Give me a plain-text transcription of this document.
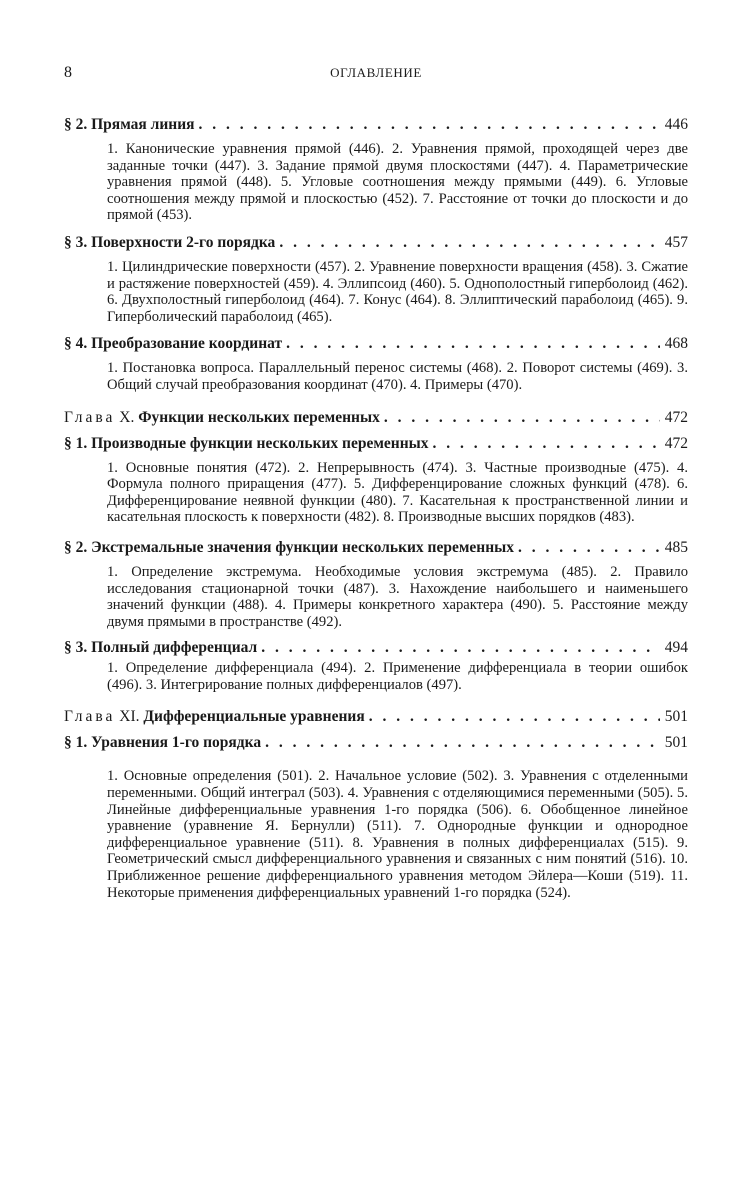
8	ОГЛАВЛЕНИЕ
§ 2. Прямая линия . . .	446
1. Канонические уравнения прямой (446). 2. Уравнения прямой, проходящей через две заданные точки (447). 3. Задание прямой двумя плоскостями (447). 4. Параметрические уравнения прямой (448). 5. Угловые соотношения между прямыми (449). 6. Угловые соотношения между прямой и плоскостью (452). 7. Расстояние от точки до плоскости и до прямой (453).
§ 3. Поверхности 2-го порядка . . .	457
1. Цилиндрические поверхности (457). 2. Уравнение поверхности вращения (458). 3. Сжатие и растяжение поверхностей (459). 4. Эллипсоид (460). 5. Однополостный гиперболоид (462). 6. Двухполостный гиперболоид (464). 7. Конус (464). 8. Эллиптический параболоид (465). 9. Гиперболический параболоид (465).
§ 4. Преобразование координат . . .	468
1. Постановка вопроса. Параллельный перенос системы (468). 2. Поворот системы (469). 3. Общий случай преобразования координат (470). 4. Примеры (470).
Глава X. Функции нескольких переменных . . .	472
§ 1. Производные функции нескольких переменных . . .	472
1. Основные понятия (472). 2. Непрерывность (474). 3. Частные производные (475). 4. Формула полного приращения (477). 5. Дифференцирование сложных функций (478). 6. Дифференцирование неявной функции (480). 7. Касательная к пространственной линии и касательная плоскость к поверхности (482). 8. Производные высших порядков (483).
§ 2. Экстремальные значения функции нескольких переменных . . .	485
1. Определение экстремума. Необходимые условия экстремума (485). 2. Правило исследования стационарной точки (487). 3. Нахождение наибольшего и наименьшего значений функции (488). 4. Примеры конкретного характера (490). 5. Расстояние между двумя прямыми в пространстве (492).
§ 3. Полный дифференциал . . .	494
1. Определение дифференциала (494). 2. Применение дифференциала в теории ошибок (496). 3. Интегрирование полных дифференциалов (497).
Глава XI. Дифференциальные уравнения . . .	501
§ 1. Уравнения 1-го порядка . . .	501
1. Основные определения (501). 2. Начальное условие (502). 3. Уравнения с отделенными переменными. Общий интеграл (503). 4. Уравнения с отделяющимися переменными (505). 5. Линейные дифференциальные уравнения 1-го порядка (506). 6. Обобщенное линейное уравнение (уравнение Я. Бернулли) (511). 7. Однородные функции и однородное дифференциальное уравнение (511). 8. Уравнения в полных дифференциалах (515). 9. Геометрический смысл дифференциального уравнения и связанных с ним понятий (516). 10. Приближенное решение дифференциального уравнения методом Эйлера—Коши (519). 11. Некоторые применения дифференциальных уравнений 1-го порядка (524).
